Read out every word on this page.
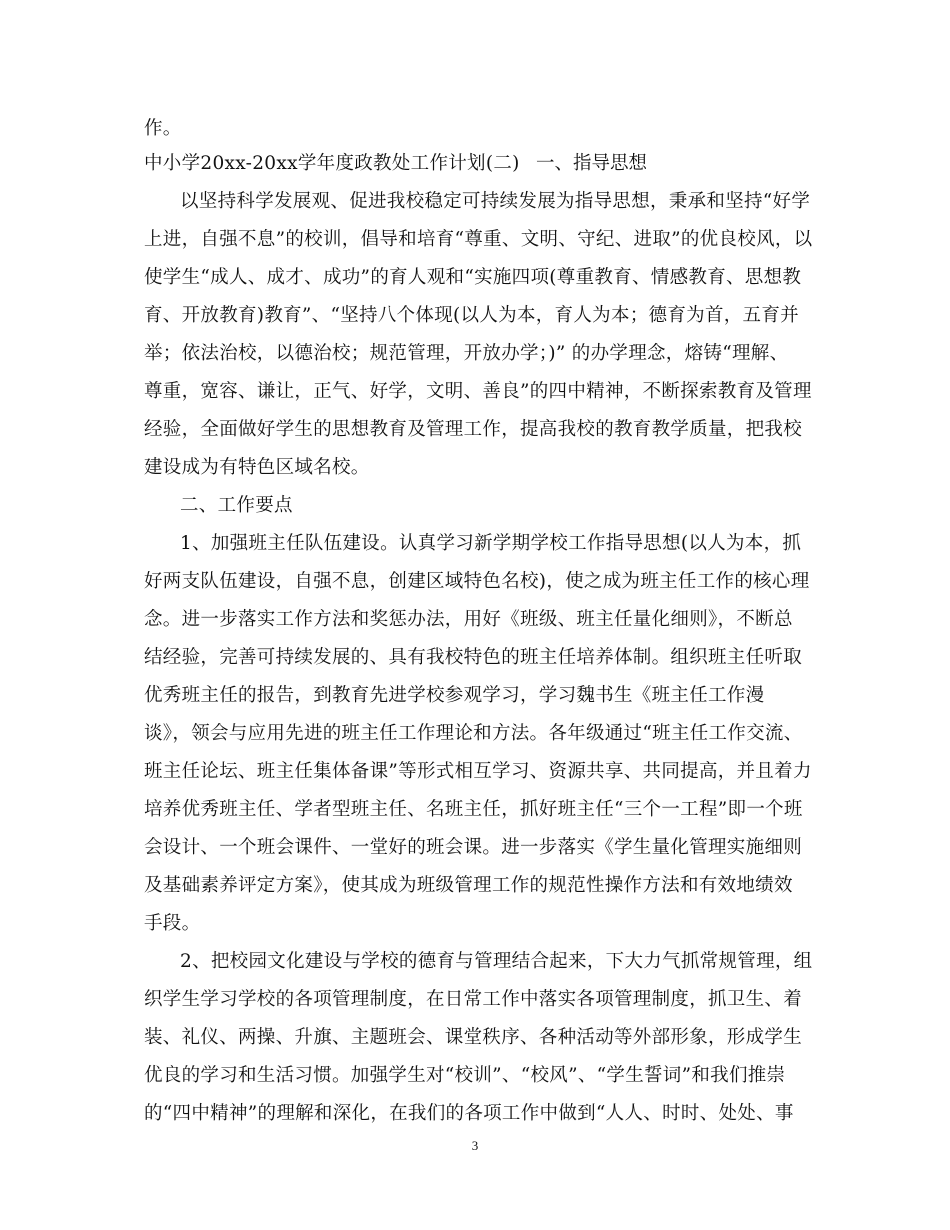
作。
中小学20xx-20xx学年度政教处工作计划(二) 一、指导思想
以坚持科学发展观、促进我校稳定可持续发展为指导思想，秉承和坚持“好学
上进，自强不息”的校训，倡导和培育“尊重、文明、守纪、进取”的优良校风，以
使学生“成人、成才、成功”的育人观和“实施四项(尊重教育、情感教育、思想教
育、开放教育)教育”、“坚持八个体现(以人为本，育人为本；德育为首，五育并
举；依法治校，以德治校；规范管理，开放办学；)” 的办学理念，熔铸“理解、
尊重，宽容、谦让，正气、好学，文明、善良”的四中精神，不断探索教育及管理
经验，全面做好学生的思想教育及管理工作，提高我校的教育教学质量，把我校
建设成为有特色区域名校。
二、工作要点
1、加强班主任队伍建设。认真学习新学期学校工作指导思想(以人为本，抓
好两支队伍建设，自强不息，创建区域特色名校)，使之成为班主任工作的核心理
念。进一步落实工作方法和奖惩办法，用好《班级、班主任量化细则》，不断总
结经验，完善可持续发展的、具有我校特色的班主任培养体制。组织班主任听取
优秀班主任的报告，到教育先进学校参观学习，学习魏书生《班主任工作漫
谈》，领会与应用先进的班主任工作理论和方法。各年级通过“班主任工作交流、
班主任论坛、班主任集体备课”等形式相互学习、资源共享、共同提高，并且着力
培养优秀班主任、学者型班主任、名班主任，抓好班主任“三个一工程”即一个班
会设计、一个班会课件、一堂好的班会课。进一步落实《学生量化管理实施细则
及基础素养评定方案》，使其成为班级管理工作的规范性操作方法和有效地绩效
手段。
2、把校园文化建设与学校的德育与管理结合起来，下大力气抓常规管理，组
织学生学习学校的各项管理制度，在日常工作中落实各项管理制度，抓卫生、着
装、礼仪、两操、升旗、主题班会、课堂秩序、各种活动等外部形象，形成学生
优良的学习和生活习惯。加强学生对“校训”、“校风”、“学生誓词”和我们推崇
的“四中精神”的理解和深化，在我们的各项工作中做到“人人、时时、处处、事
3
